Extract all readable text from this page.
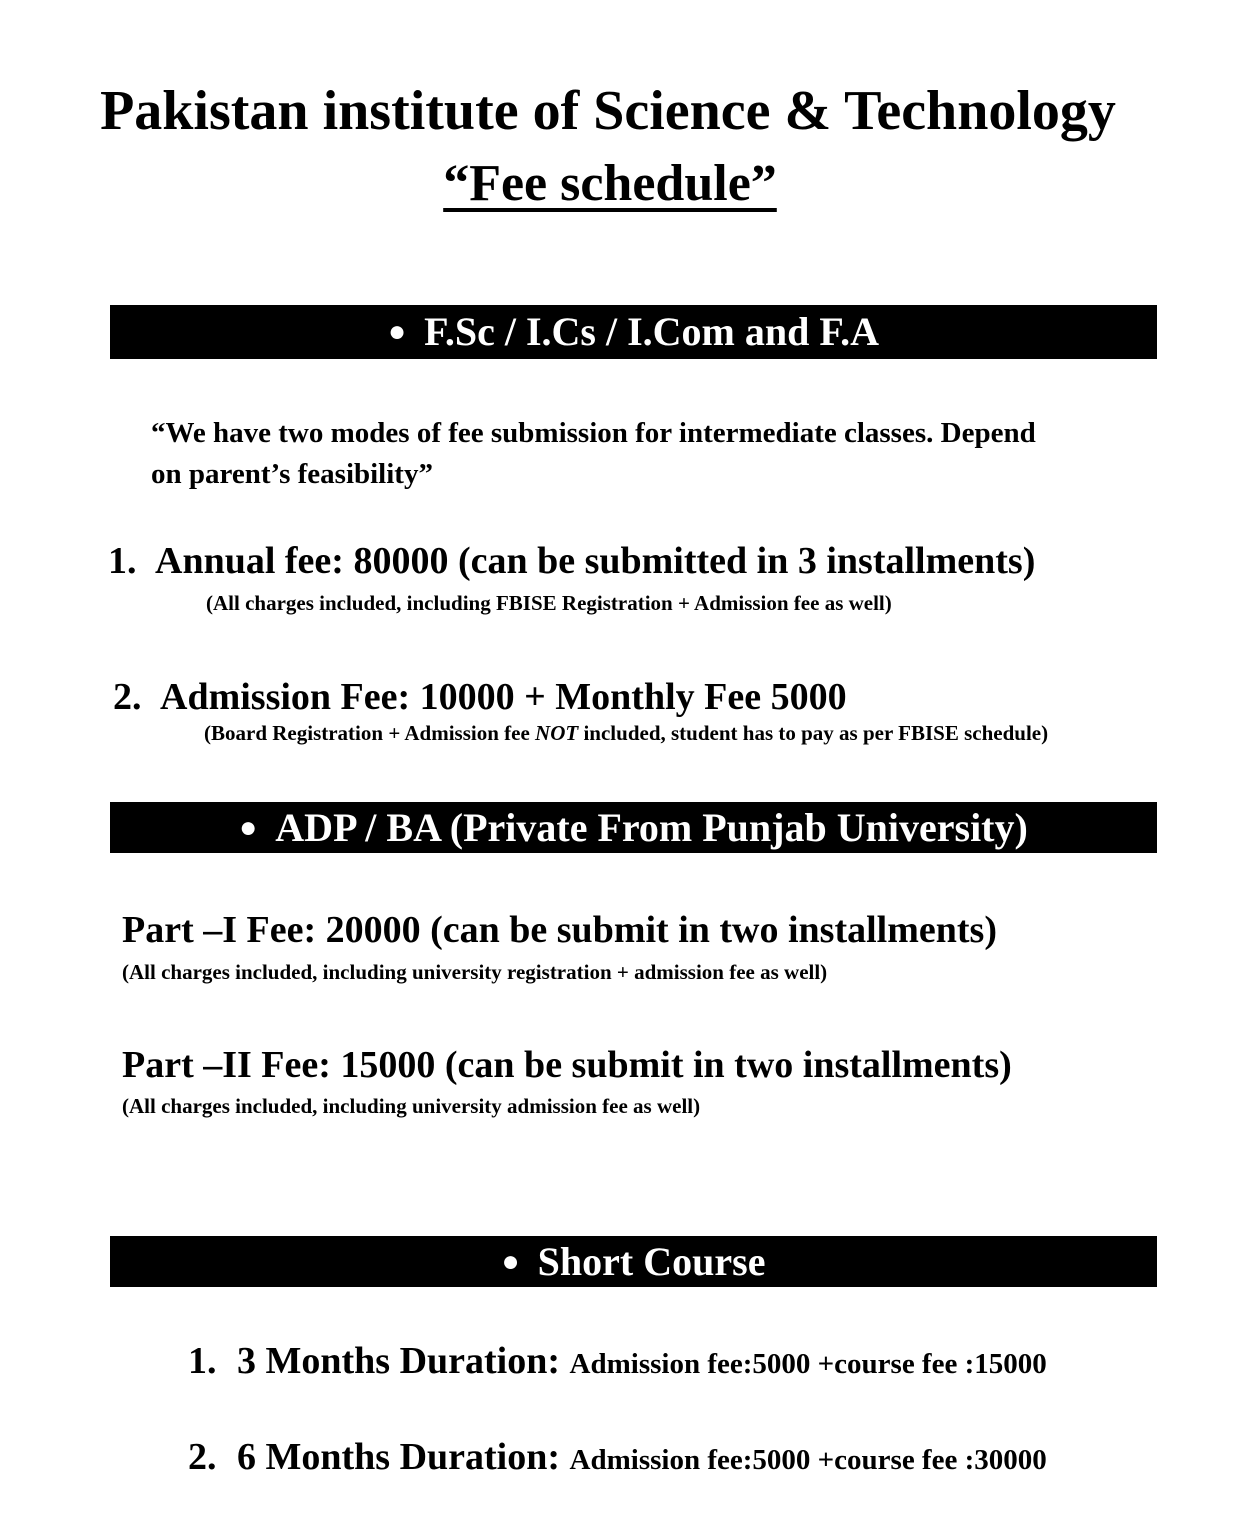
Pakistan institute of Science & Technology
“Fee schedule”
● F.Sc / I.Cs / I.Com and F.A
“We have two modes of fee submission for intermediate classes. Depend
on parent’s feasibility”
1. Annual fee: 80000 (can be submitted in 3 installments)
(All charges included, including FBISE Registration + Admission fee as well)
2. Admission Fee: 10000 + Monthly Fee 5000
(Board Registration + Admission fee NOT included, student has to pay as per FBISE schedule)
● ADP / BA (Private From Punjab University)
Part –I Fee: 20000 (can be submit in two installments)
(All charges included, including university registration + admission fee as well)
Part –II Fee: 15000 (can be submit in two installments)
(All charges included, including university admission fee as well)
● Short Course
1. 3 Months Duration: Admission fee:5000 +course fee :15000
2. 6 Months Duration: Admission fee:5000 +course fee :30000
